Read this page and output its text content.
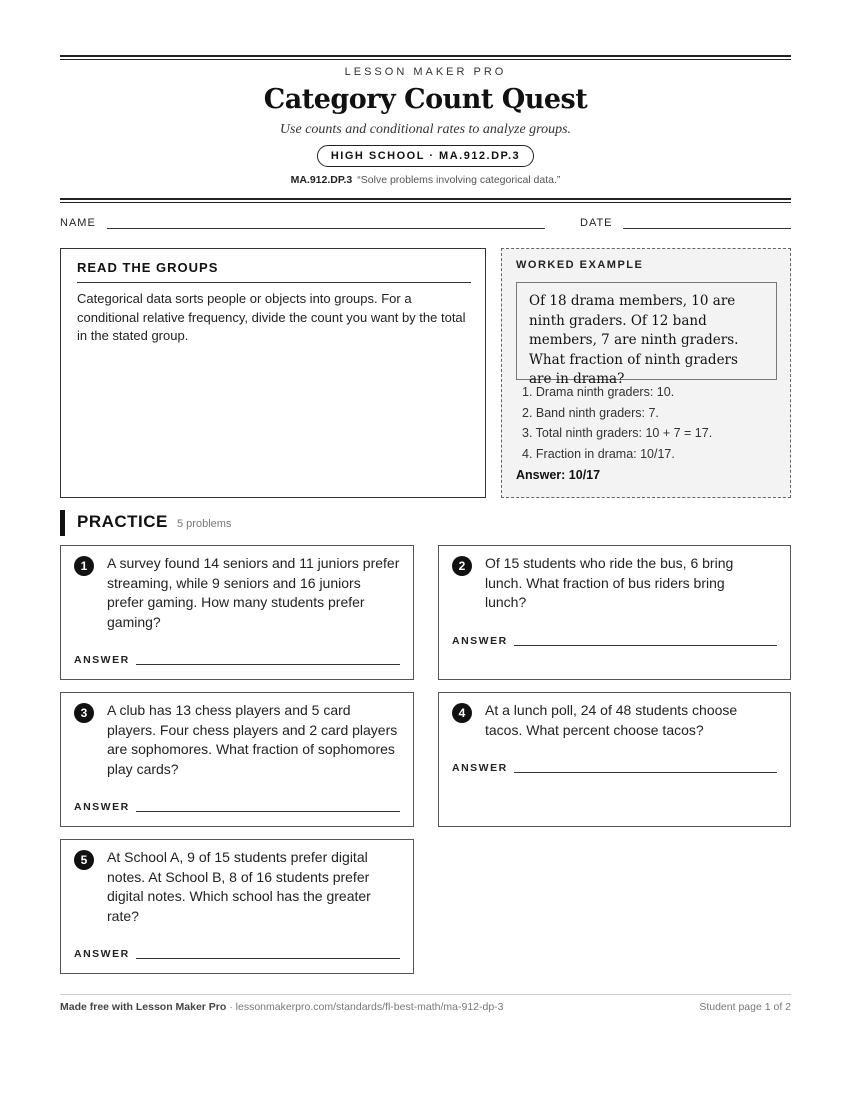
LESSON MAKER PRO
Category Count Quest
Use counts and conditional rates to analyze groups.
HIGH SCHOOL · MA.912.DP.3
MA.912.DP.3 “Solve problems involving categorical data.”
NAME	DATE
READ THE GROUPS
Categorical data sorts people or objects into groups. For a conditional relative frequency, divide the count you want by the total in the stated group.
WORKED EXAMPLE
Of 18 drama members, 10 are ninth graders. Of 12 band members, 7 are ninth graders. What fraction of ninth graders are in drama?
1. Drama ninth graders: 10.
2. Band ninth graders: 7.
3. Total ninth graders: 10 + 7 = 17.
4. Fraction in drama: 10/17.
Answer: 10/17
PRACTICE 5 problems
1	A survey found 14 seniors and 11 juniors prefer streaming, while 9 seniors and 16 juniors prefer gaming. How many students prefer gaming?
ANSWER
2	Of 15 students who ride the bus, 6 bring lunch. What fraction of bus riders bring lunch?
ANSWER
3	A club has 13 chess players and 5 card players. Four chess players and 2 card players are sophomores. What fraction of sophomores play cards?
ANSWER
4	At a lunch poll, 24 of 48 students choose tacos. What percent choose tacos?
ANSWER
5	At School A, 9 of 15 students prefer digital notes. At School B, 8 of 16 students prefer digital notes. Which school has the greater rate?
ANSWER
Made free with Lesson Maker Pro · lessonmakerpro.com/standards/fl-best-math/ma-912-dp-3	Student page 1 of 2
